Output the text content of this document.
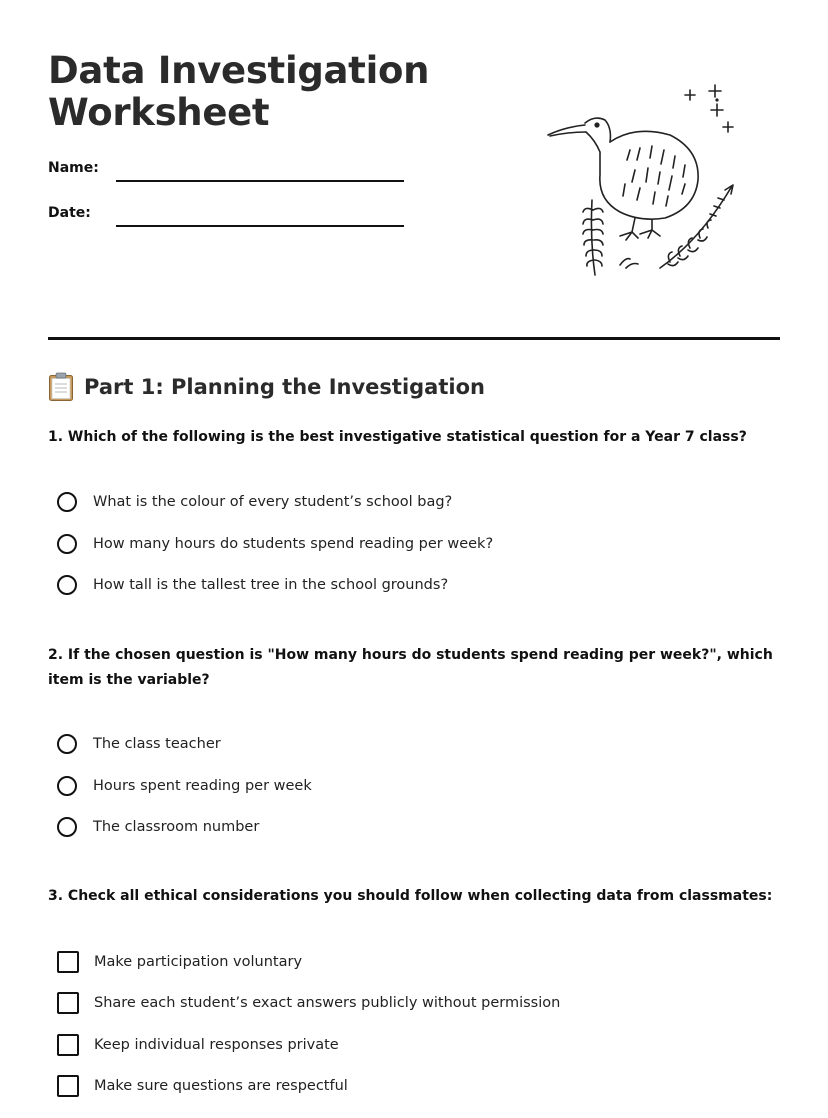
Data Investigation
Worksheet
Name:
Date:
Part 1: Planning the Investigation

1. Which of the following is the best investigative statistical question for a Year 7 class?

What is the colour of every student’s school bag?
How many hours do students spend reading per week?
How tall is the tallest tree in the school grounds?

2. If the chosen question is "How many hours do students spend reading per week?", which item is the variable?

The class teacher
Hours spent reading per week
The classroom number

3. Check all ethical considerations you should follow when collecting data from classmates:

Make participation voluntary
Share each student’s exact answers publicly without permission
Keep individual responses private
Make sure questions are respectful
